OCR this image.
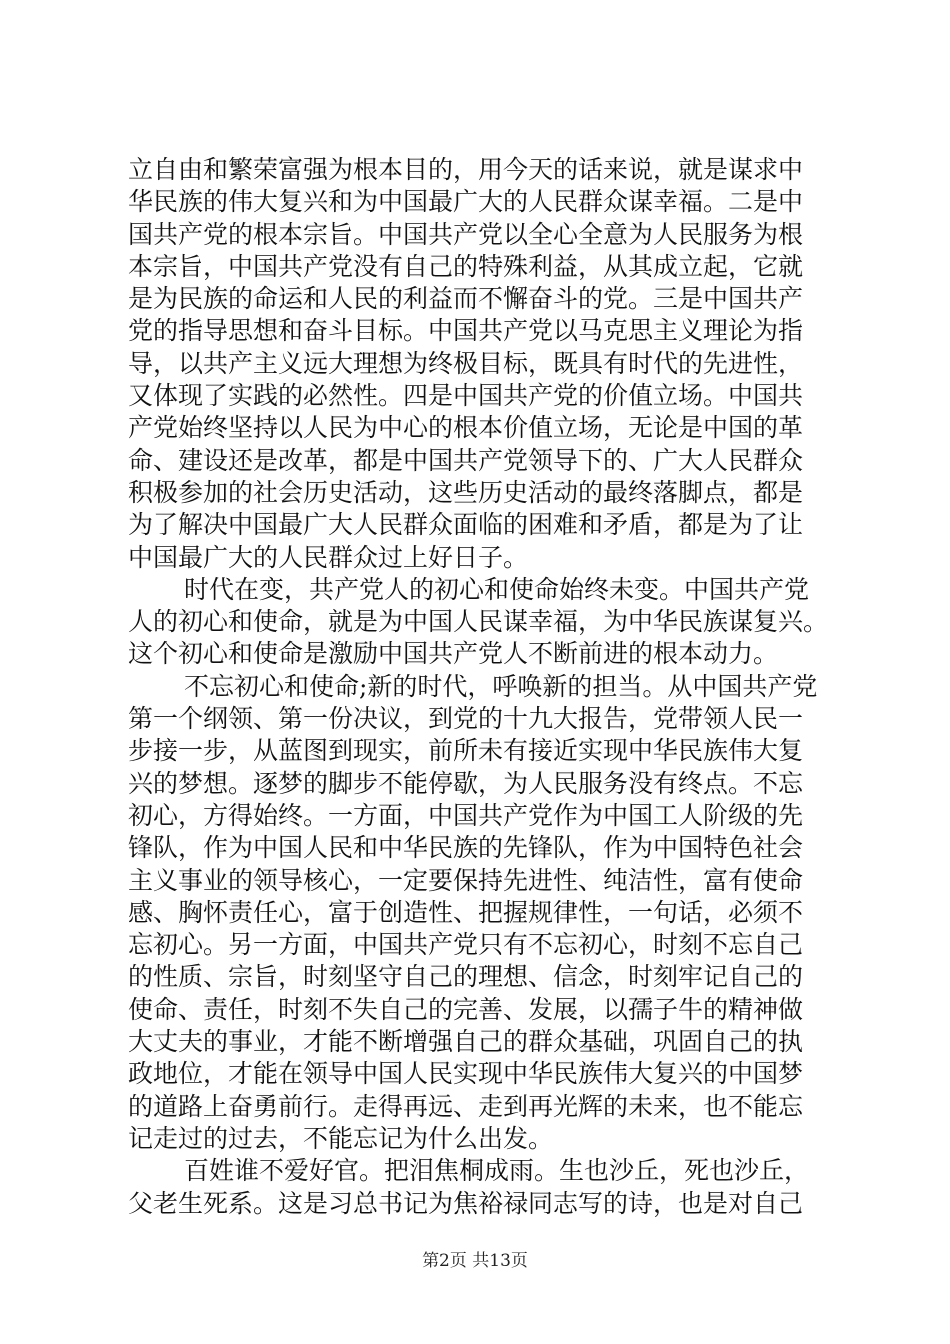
立自由和繁荣富强为根本目的，用今天的话来说，就是谋求中
华民族的伟大复兴和为中国最广大的人民群众谋幸福。二是中
国共产党的根本宗旨。中国共产党以全心全意为人民服务为根
本宗旨，中国共产党没有自己的特殊利益，从其成立起，它就
是为民族的命运和人民的利益而不懈奋斗的党。三是中国共产
党的指导思想和奋斗目标。中国共产党以马克思主义理论为指
导，以共产主义远大理想为终极目标，既具有时代的先进性，
又体现了实践的必然性。四是中国共产党的价值立场。中国共
产党始终坚持以人民为中心的根本价值立场，无论是中国的革
命、建设还是改革，都是中国共产党领导下的、广大人民群众
积极参加的社会历史活动，这些历史活动的最终落脚点，都是
为了解决中国最广大人民群众面临的困难和矛盾，都是为了让
中国最广大的人民群众过上好日子。
时代在变，共产党人的初心和使命始终未变。中国共产党
人的初心和使命，就是为中国人民谋幸福，为中华民族谋复兴。
这个初心和使命是激励中国共产党人不断前进的根本动力。
不忘初心和使命;新的时代，呼唤新的担当。从中国共产党
第一个纲领、第一份决议，到党的十九大报告，党带领人民一
步接一步，从蓝图到现实，前所未有接近实现中华民族伟大复
兴的梦想。逐梦的脚步不能停歇，为人民服务没有终点。不忘
初心，方得始终。一方面，中国共产党作为中国工人阶级的先
锋队，作为中国人民和中华民族的先锋队，作为中国特色社会
主义事业的领导核心，一定要保持先进性、纯洁性，富有使命
感、胸怀责任心，富于创造性、把握规律性，一句话，必须不
忘初心。另一方面，中国共产党只有不忘初心，时刻不忘自己
的性质、宗旨，时刻坚守自己的理想、信念，时刻牢记自己的
使命、责任，时刻不失自己的完善、发展，以孺子牛的精神做
大丈夫的事业，才能不断增强自己的群众基础，巩固自己的执
政地位，才能在领导中国人民实现中华民族伟大复兴的中国梦
的道路上奋勇前行。走得再远、走到再光辉的未来，也不能忘
记走过的过去，不能忘记为什么出发。
百姓谁不爱好官。把泪焦桐成雨。生也沙丘，死也沙丘，
父老生死系。这是习总书记为焦裕禄同志写的诗，也是对自己
第2页 共13页
